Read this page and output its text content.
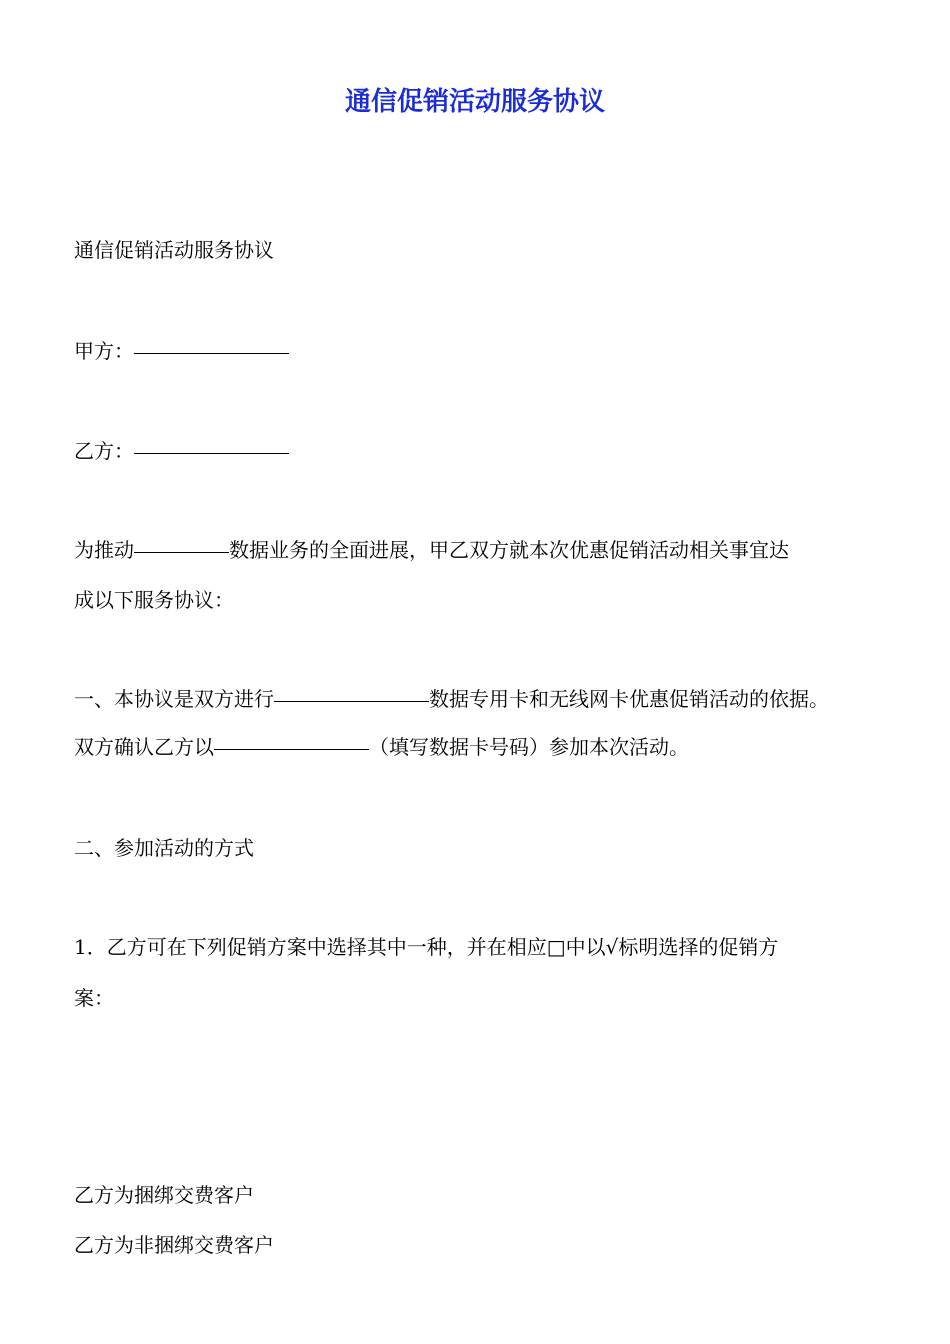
通信促销活动服务协议

通信促销活动服务协议

甲方：

乙方：

为推动	数据业务的全面进展，甲乙双方就本次优惠促销活动相关事宜达

成以下服务协议：

一、本协议是双方进行	数据专用卡和无线网卡优惠促销活动的依据。

双方确认乙方以	（填写数据卡号码）参加本次活动。

二、参加活动的方式

1．乙方可在下列促销方案中选择其中一种，并在相应□中以√标明选择的促销方

案：

乙方为捆绑交费客户

乙方为非捆绑交费客户
